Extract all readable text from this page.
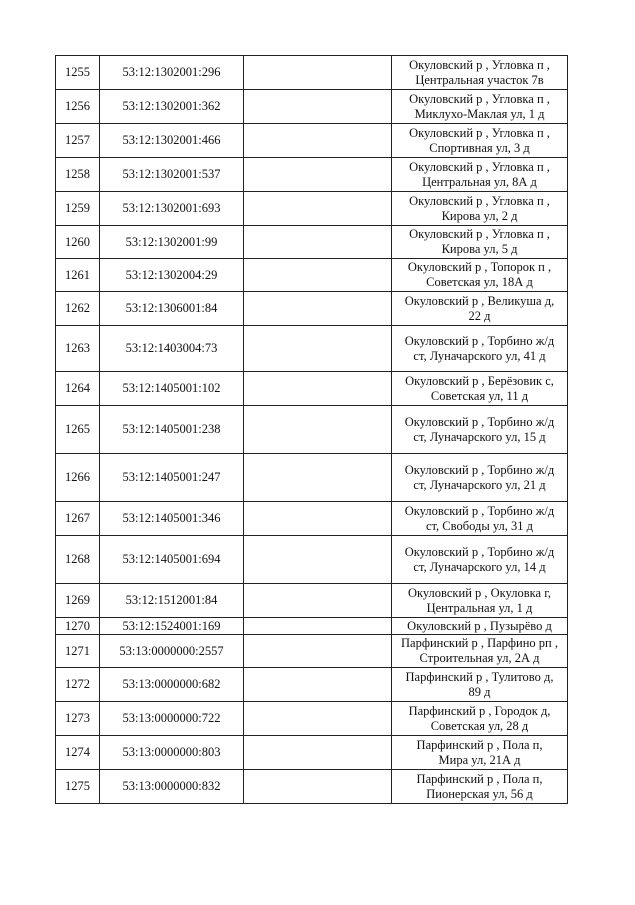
1255	53:12:1302001:296		Окуловский р , Угловка п ,
Центральная участок 7в
1256	53:12:1302001:362		Окуловский р , Угловка п ,
Миклухо-Маклая ул, 1 д
1257	53:12:1302001:466		Окуловский р , Угловка п ,
Спортивная ул, 3 д
1258	53:12:1302001:537		Окуловский р , Угловка п ,
Центральная ул, 8А д
1259	53:12:1302001:693		Окуловский р , Угловка п ,
Кирова ул, 2 д
1260	53:12:1302001:99		Окуловский р , Угловка п ,
Кирова ул, 5 д
1261	53:12:1302004:29		Окуловский р , Топорок п ,
Советская ул, 18А д
1262	53:12:1306001:84		Окуловский р , Великуша д,
22 д
1263	53:12:1403004:73		Окуловский р , Торбино ж/д
ст, Луначарского ул, 41 д
1264	53:12:1405001:102		Окуловский р , Берёзовик с,
Советская ул, 11 д
1265	53:12:1405001:238		Окуловский р , Торбино ж/д
ст, Луначарского ул, 15 д
1266	53:12:1405001:247		Окуловский р , Торбино ж/д
ст, Луначарского ул, 21 д
1267	53:12:1405001:346		Окуловский р , Торбино ж/д
ст, Свободы ул, 31 д
1268	53:12:1405001:694		Окуловский р , Торбино ж/д
ст, Луначарского ул, 14 д
1269	53:12:1512001:84		Окуловский р , Окуловка г,
Центральная ул, 1 д
1270	53:12:1524001:169		Окуловский р , Пузырёво д
1271	53:13:0000000:2557		Парфинский р , Парфино рп ,
Строительная ул, 2А д
1272	53:13:0000000:682		Парфинский р , Тулитово д,
89 д
1273	53:13:0000000:722		Парфинский р , Городок д,
Советская ул, 28 д
1274	53:13:0000000:803		Парфинский р , Пола п,
Мира ул, 21А д
1275	53:13:0000000:832		Парфинский р , Пола п,
Пионерская ул, 56 д
